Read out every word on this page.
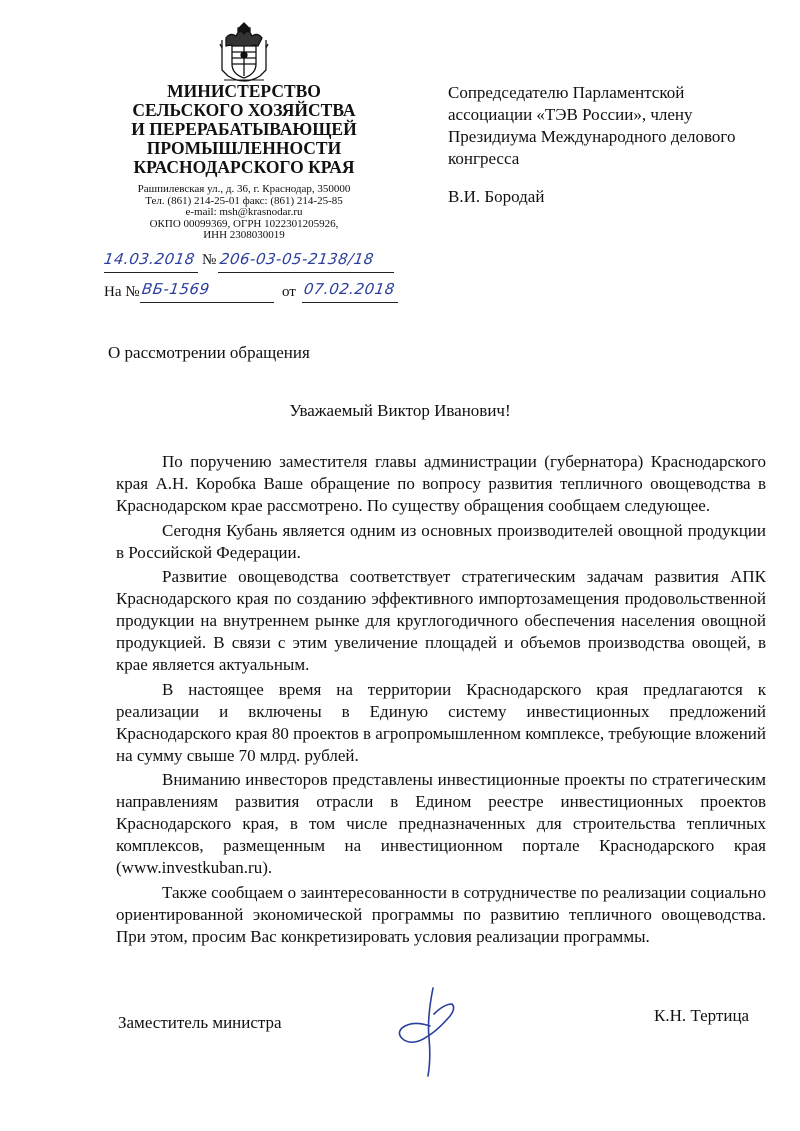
МИНИСТЕРСТВО
СЕЛЬСКОГО ХОЗЯЙСТВА
И ПЕРЕРАБАТЫВАЮЩЕЙ
ПРОМЫШЛЕННОСТИ
КРАСНОДАРСКОГО КРАЯ
Рашпилевская ул., д. 36, г. Краснодар, 350000
Тел. (861) 214-25-01 факс: (861) 214-25-85
e-mail: msh@krasnodar.ru
ОКПО 00099369, ОГРН 1022301205926,
ИНН 2308030019
14.03.2018 № 206-03-05-2138/18
На № ВБ-1569	от 07.02.2018
Сопредседателю Парламентской ассоциации «ТЭВ России», члену Президиума Международного делового конгресса
В.И. Бородай
О рассмотрении обращения
Уважаемый Виктор Иванович!

По поручению заместителя главы администрации (губернатора) Краснодарского края А.Н. Коробка Ваше обращение по вопросу развития тепличного овощеводства в Краснодарском крае рассмотрено. По существу обращения сообщаем следующее.

Сегодня Кубань является одним из основных производителей овощной продукции в Российской Федерации.

Развитие овощеводства соответствует стратегическим задачам развития АПК Краснодарского края по созданию эффективного импортозамещения продовольственной продукции на внутреннем рынке для круглогодичного обеспечения населения овощной продукцией. В связи с этим увеличение площадей и объемов производства овощей, в крае является актуальным.

В настоящее время на территории Краснодарского края предлагаются к реализации и включены в Единую систему инвестиционных предложений Краснодарского края 80 проектов в агропромышленном комплексе, требующие вложений на сумму свыше 70 млрд. рублей.

Вниманию инвесторов представлены инвестиционные проекты по стратегическим направлениям развития отрасли в Едином реестре инвестиционных проектов Краснодарского края, в том числе предназначенных для строительства тепличных комплексов, размещенным на инвестиционном портале Краснодарского края (www.investkuban.ru).

Также сообщаем о заинтересованности в сотрудничестве по реализации социально ориентированной экономической программы по развитию тепличного овощеводства. При этом, просим Вас конкретизировать условия реализации программы.

Заместитель министра	К.Н. Тертица
